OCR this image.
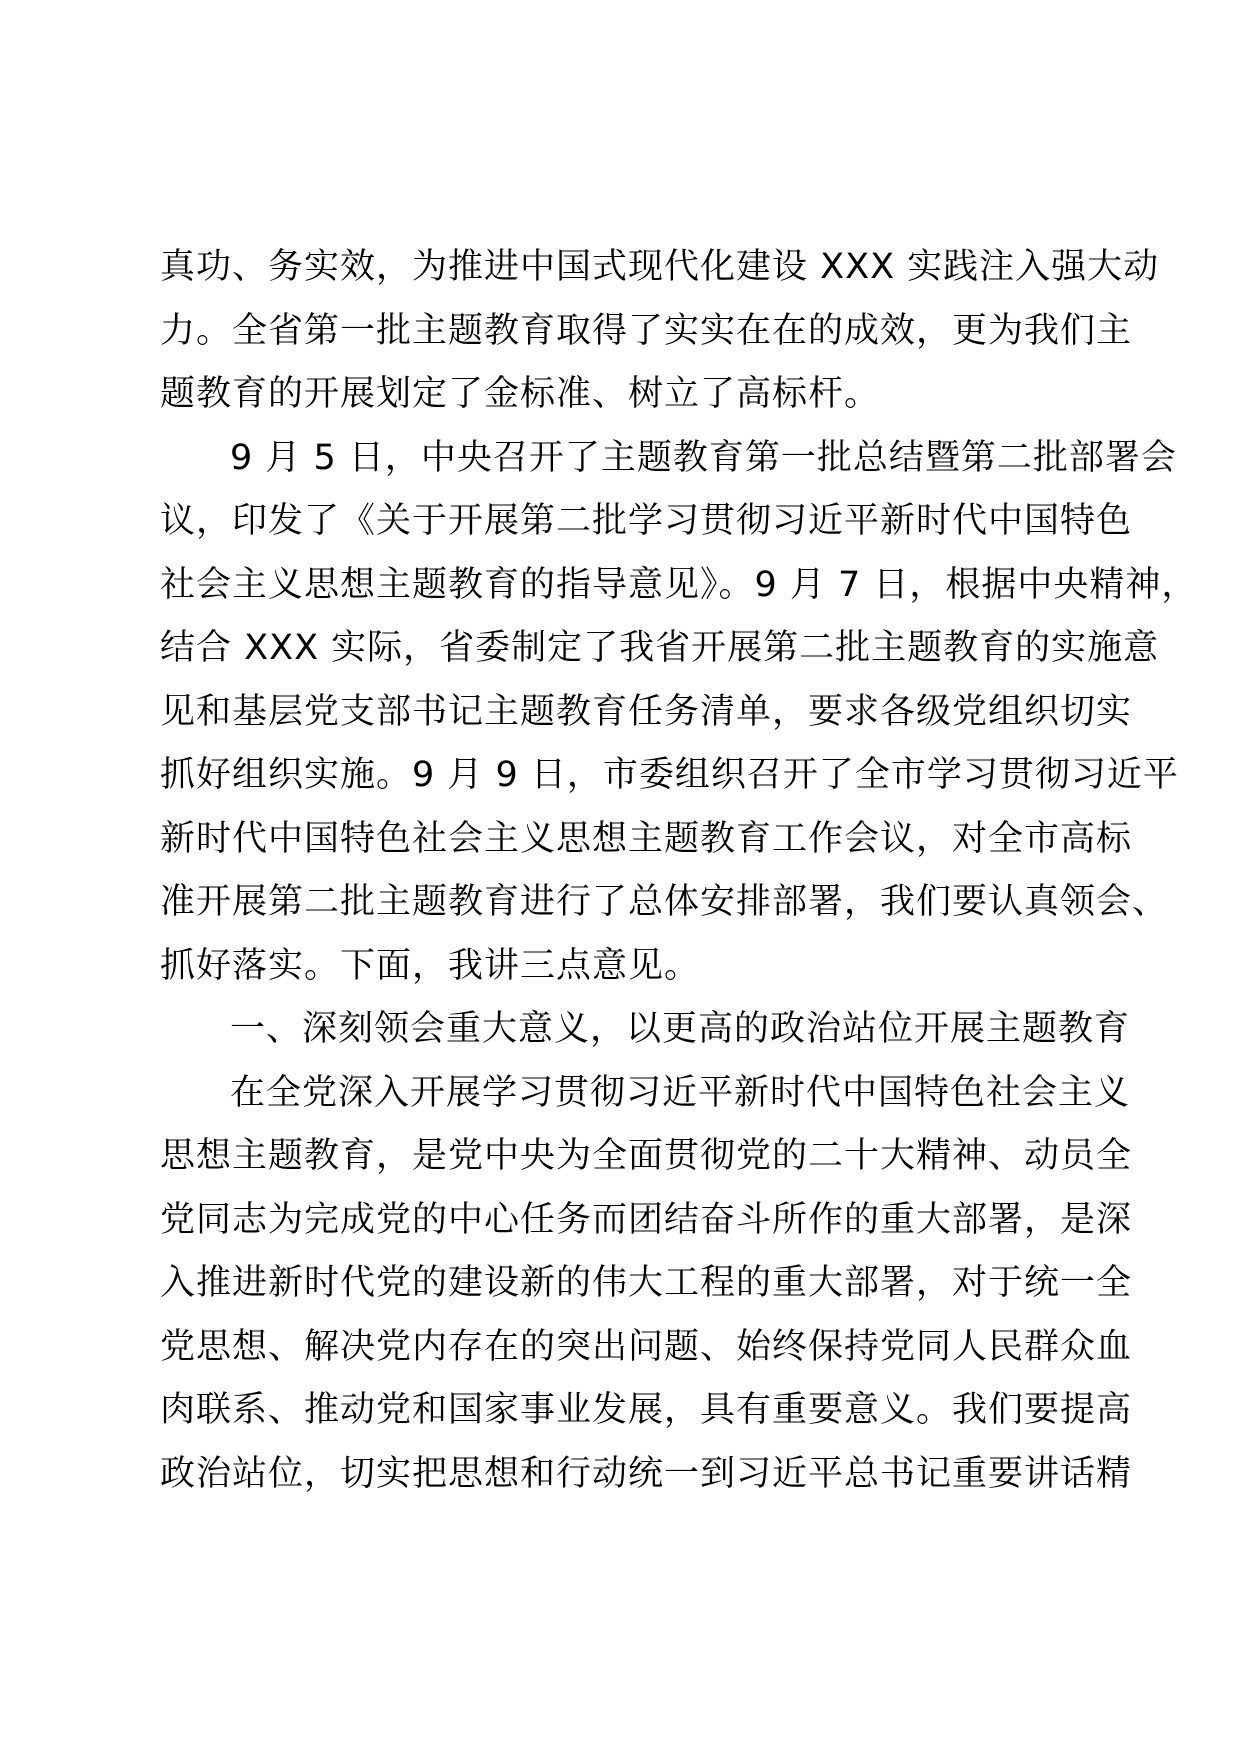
真功、务实效，为推进中国式现代化建设 XXX 实践注入强大动
力。全省第一批主题教育取得了实实在在的成效，更为我们主
题教育的开展划定了金标准、树立了高标杆。
9 月 5 日，中央召开了主题教育第一批总结暨第二批部署会
议，印发了《关于开展第二批学习贯彻习近平新时代中国特色
社会主义思想主题教育的指导意见》。9 月 7 日，根据中央精神，
结合 XXX 实际，省委制定了我省开展第二批主题教育的实施意
见和基层党支部书记主题教育任务清单，要求各级党组织切实
抓好组织实施。9 月 9 日，市委组织召开了全市学习贯彻习近平
新时代中国特色社会主义思想主题教育工作会议，对全市高标
准开展第二批主题教育进行了总体安排部署，我们要认真领会、
抓好落实。下面，我讲三点意见。
一、深刻领会重大意义，以更高的政治站位开展主题教育
在全党深入开展学习贯彻习近平新时代中国特色社会主义
思想主题教育，是党中央为全面贯彻党的二十大精神、动员全
党同志为完成党的中心任务而团结奋斗所作的重大部署，是深
入推进新时代党的建设新的伟大工程的重大部署，对于统一全
党思想、解决党内存在的突出问题、始终保持党同人民群众血
肉联系、推动党和国家事业发展，具有重要意义。我们要提高
政治站位，切实把思想和行动统一到习近平总书记重要讲话精
